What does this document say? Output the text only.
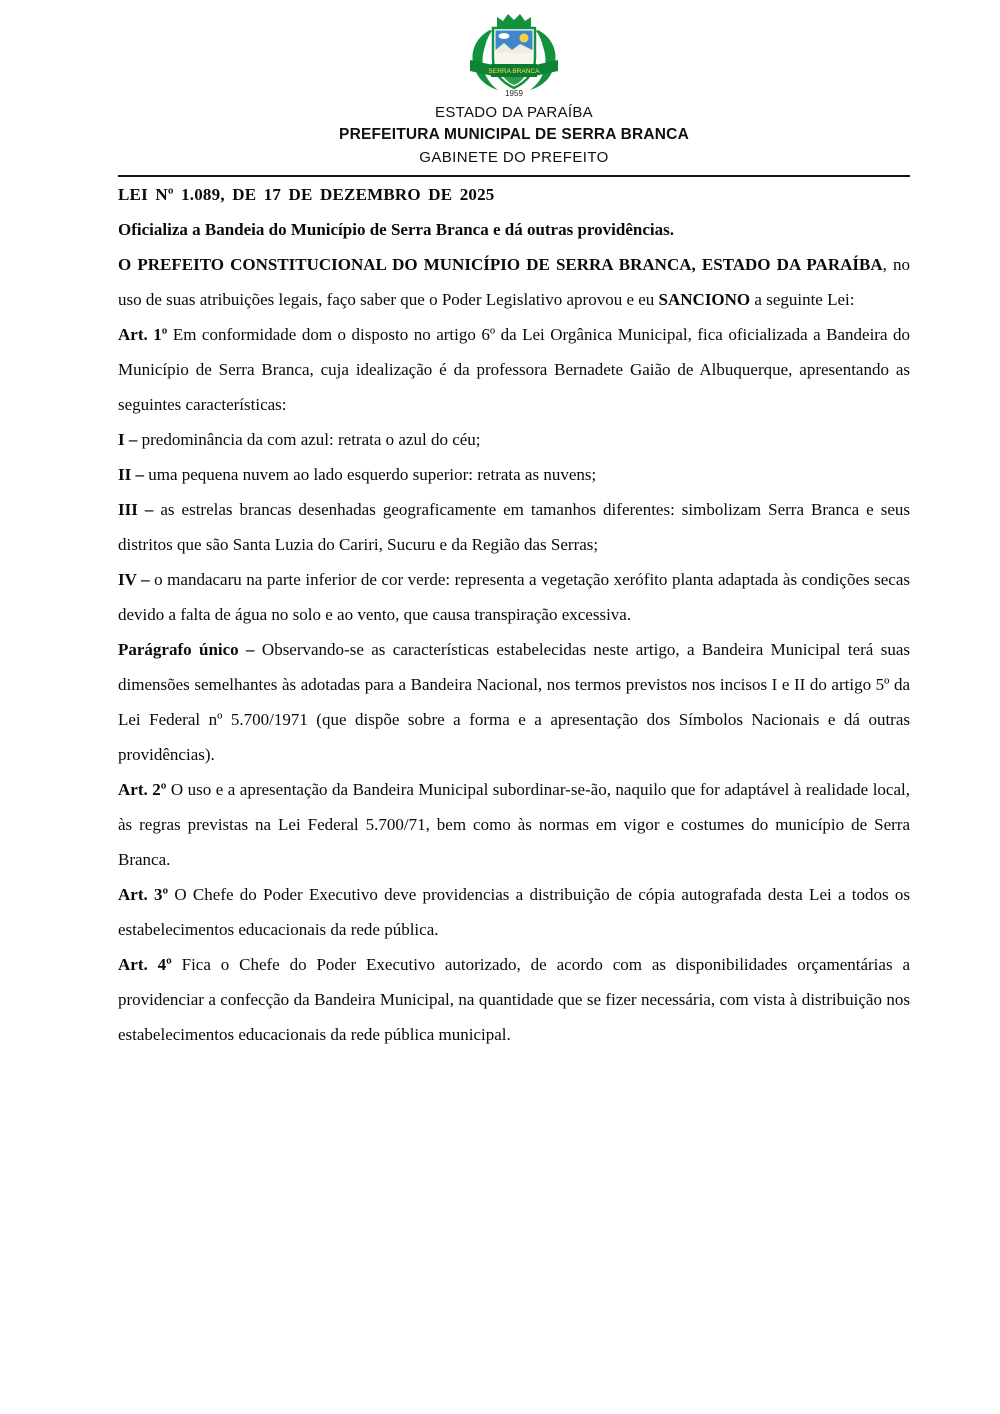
SERRA BRANCA
1959
ESTADO DA PARAÍBA
PREFEITURA MUNICIPAL DE SERRA BRANCA
GABINETE DO PREFEITO

LEI Nº 1.089, DE 17 DE DEZEMBRO DE 2025

Oficializa a Bandeia do Município de Serra Branca e dá outras providências.

O PREFEITO CONSTITUCIONAL DO MUNICÍPIO DE SERRA BRANCA, ESTADO DA PARAÍBA, no uso de suas atribuições legais, faço saber que o Poder Legislativo aprovou e eu SANCIONO a seguinte Lei:

Art. 1º Em conformidade dom o disposto no artigo 6º da Lei Orgânica Municipal, fica oficializada a Bandeira do Município de Serra Branca, cuja idealização é da professora Bernadete Gaião de Albuquerque, apresentando as seguintes características:

I – predominância da com azul: retrata o azul do céu;

II – uma pequena nuvem ao lado esquerdo superior: retrata as nuvens;

III – as estrelas brancas desenhadas geograficamente em tamanhos diferentes: simbolizam Serra Branca e seus distritos que são Santa Luzia do Cariri, Sucuru e da Região das Serras;

IV – o mandacaru na parte inferior de cor verde: representa a vegetação xerófito planta adaptada às condições secas devido a falta de água no solo e ao vento, que causa transpiração excessiva.

Parágrafo único – Observando-se as características estabelecidas neste artigo, a Bandeira Municipal terá suas dimensões semelhantes às adotadas para a Bandeira Nacional, nos termos previstos nos incisos I e II do artigo 5º da Lei Federal nº 5.700/1971 (que dispõe sobre a forma e a apresentação dos Símbolos Nacionais e dá outras providências).

Art. 2º O uso e a apresentação da Bandeira Municipal subordinar-se-ão, naquilo que for adaptável à realidade local, às regras previstas na Lei Federal 5.700/71, bem como às normas em vigor e costumes do município de Serra Branca.

Art. 3º O Chefe do Poder Executivo deve providencias a distribuição de cópia autografada desta Lei a todos os estabelecimentos educacionais da rede pública.

Art. 4º Fica o Chefe do Poder Executivo autorizado, de acordo com as disponibilidades orçamentárias a providenciar a confecção da Bandeira Municipal, na quantidade que se fizer necessária, com vista à distribuição nos estabelecimentos educacionais da rede pública municipal.
